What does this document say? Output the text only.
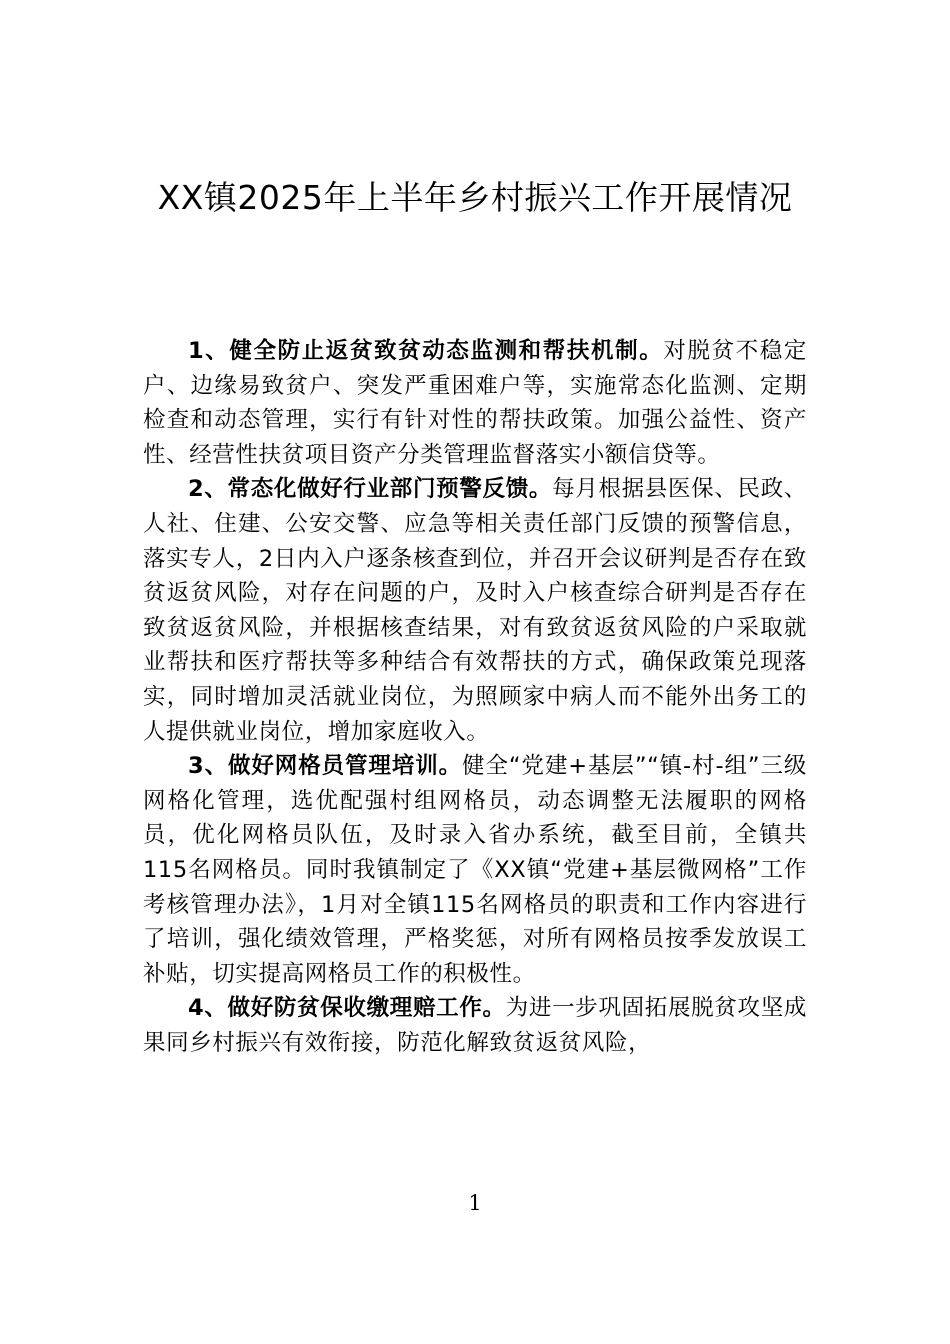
XX镇2025年上半年乡村振兴工作开展情况

1、健全防止返贫致贫动态监测和帮扶机制。对脱贫不稳定户、边缘易致贫户、突发严重困难户等，实施常态化监测、定期检查和动态管理，实行有针对性的帮扶政策。加强公益性、资产性、经营性扶贫项目资产分类管理监督落实小额信贷等。

2、常态化做好行业部门预警反馈。每月根据县医保、民政、人社、住建、公安交警、应急等相关责任部门反馈的预警信息，落实专人，2日内入户逐条核查到位，并召开会议研判是否存在致贫返贫风险，对存在问题的户，及时入户核查综合研判是否存在致贫返贫风险，并根据核查结果，对有致贫返贫风险的户采取就业帮扶和医疗帮扶等多种结合有效帮扶的方式，确保政策兑现落实，同时增加灵活就业岗位，为照顾家中病人而不能外出务工的人提供就业岗位，增加家庭收入。

3、做好网格员管理培训。健全“党建+基层”“镇-村-组”三级网格化管理，选优配强村组网格员，动态调整无法履职的网格员，优化网格员队伍，及时录入省办系统，截至目前，全镇共115名网格员。同时我镇制定了《XX镇“党建+基层微网格”工作考核管理办法》，1月对全镇115名网格员的职责和工作内容进行了培训，强化绩效管理，严格奖惩，对所有网格员按季发放误工补贴，切实提高网格员工作的积极性。

4、做好防贫保收缴理赔工作。为进一步巩固拓展脱贫攻坚成果同乡村振兴有效衔接，防范化解致贫返贫风险，

1
